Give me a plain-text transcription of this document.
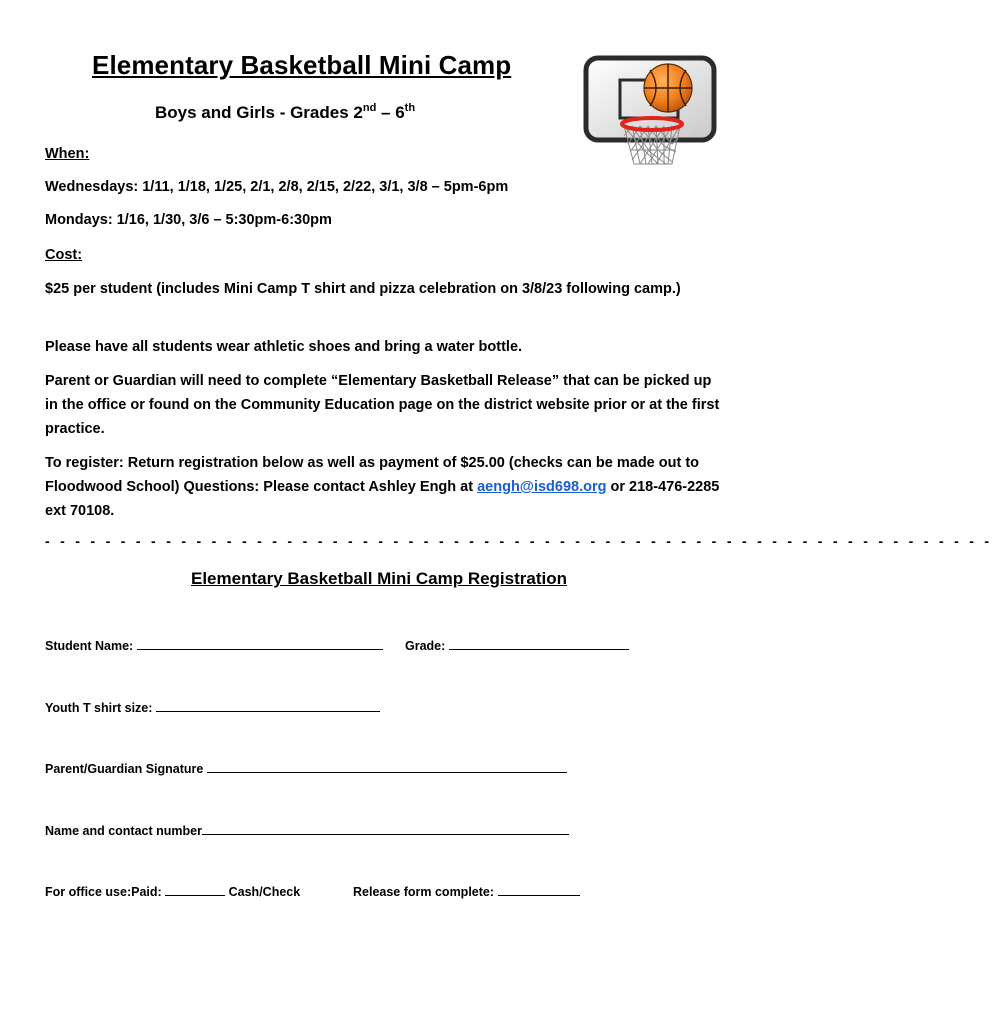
Elementary Basketball Mini Camp
Boys and Girls - Grades 2nd – 6th
When:
Wednesdays: 1/11, 1/18, 1/25, 2/1, 2/8, 2/15, 2/22, 3/1, 3/8 – 5pm-6pm
Mondays: 1/16, 1/30, 3/6 – 5:30pm-6:30pm
Cost:
$25 per student (includes Mini Camp T shirt and pizza celebration on 3/8/23 following camp.)
Please have all students wear athletic shoes and bring a water bottle.
Parent or Guardian will need to complete “Elementary Basketball Release” that can be picked up in the office or found on the Community Education page on the district website prior or at the first practice.
To register: Return registration below as well as payment of $25.00 (checks can be made out to Floodwood School) Questions: Please contact Ashley Engh at aengh@isd698.org or 218-476-2285 ext 70108.
- - - - - - - - - - - - - - - - - - - - - - - - - - - - - - - - - - - - - - - - - - - - - - - - - - - - - - - - - - - - - - -
Elementary Basketball Mini Camp Registration
Student Name:	Grade:
Youth T shirt size:
Parent/Guardian Signature
Name and contact number
For office use:Paid:	Cash/Check	Release form complete:
